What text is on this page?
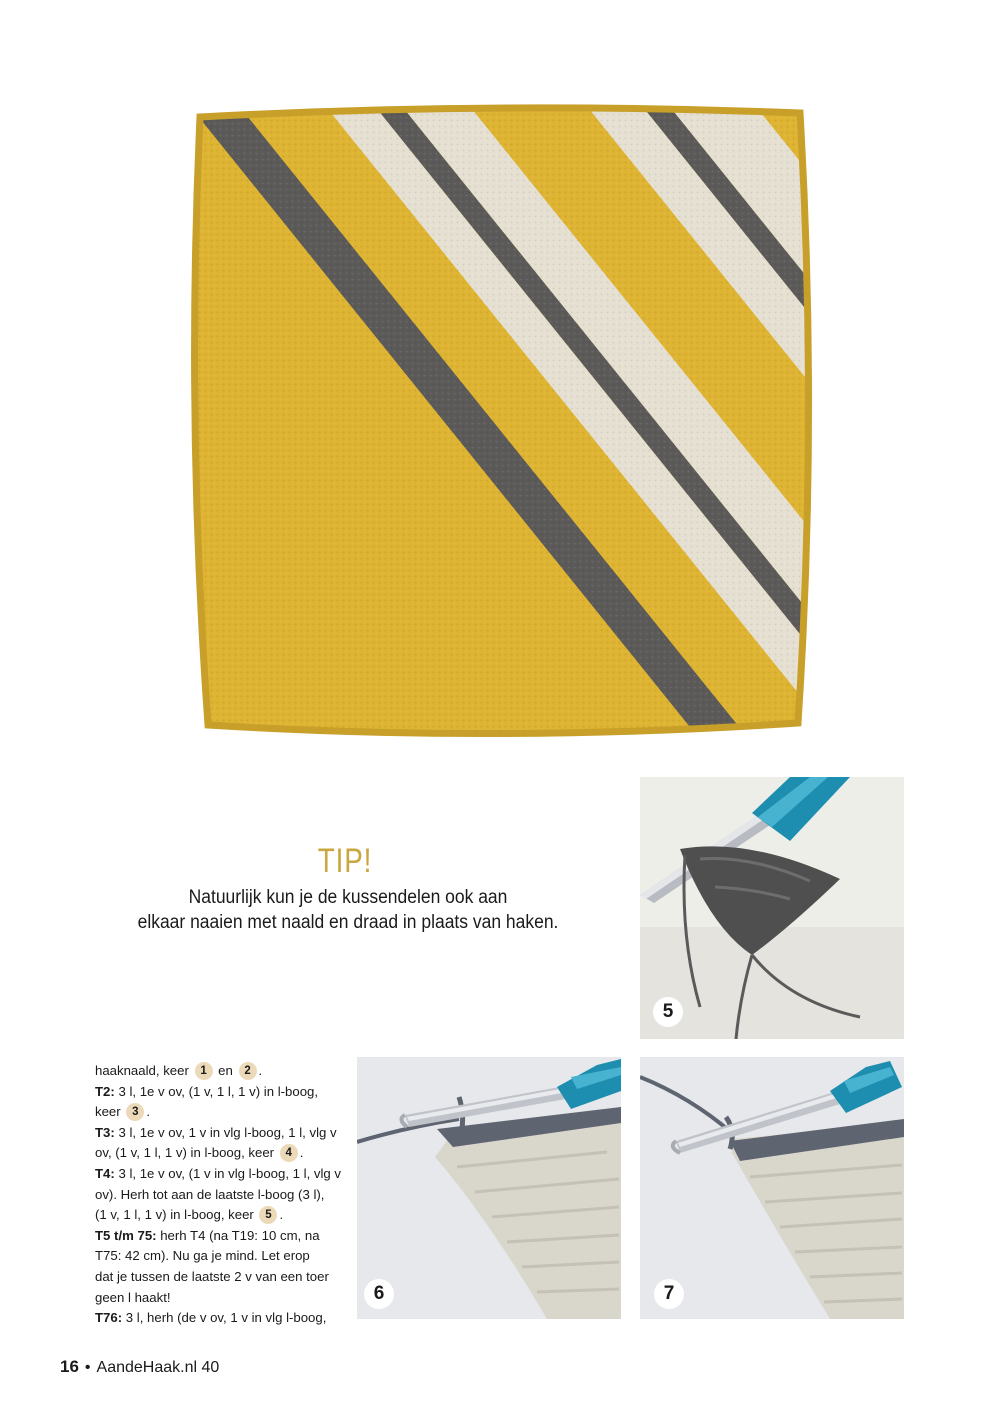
TIP!
Natuurlijk kun je de kussendelen ook aan
elkaar naaien met naald en draad in plaats van haken.
5
6	7
haaknaald, keer 1 en 2 .
T2: 3 l, 1e v ov, (1 v, 1 l, 1 v) in l-boog,
keer 3 .
T3: 3 l, 1e v ov, 1 v in vlg l-boog, 1 l, vlg v
ov, (1 v, 1 l, 1 v) in l-boog, keer 4 .
T4: 3 l, 1e v ov, (1 v in vlg l-boog, 1 l, vlg v
ov). Herh tot aan de laatste l-boog (3 l),
(1 v, 1 l, 1 v) in l-boog, keer 5 .
T5 t/m 75: herh T4 (na T19: 10 cm, na
T75: 42 cm). Nu ga je mind. Let erop
dat je tussen de laatste 2 v van een toer
geen l haakt!
T76: 3 l, herh (de v ov, 1 v in vlg l-boog,
16 • AandeHaak.nl 40
